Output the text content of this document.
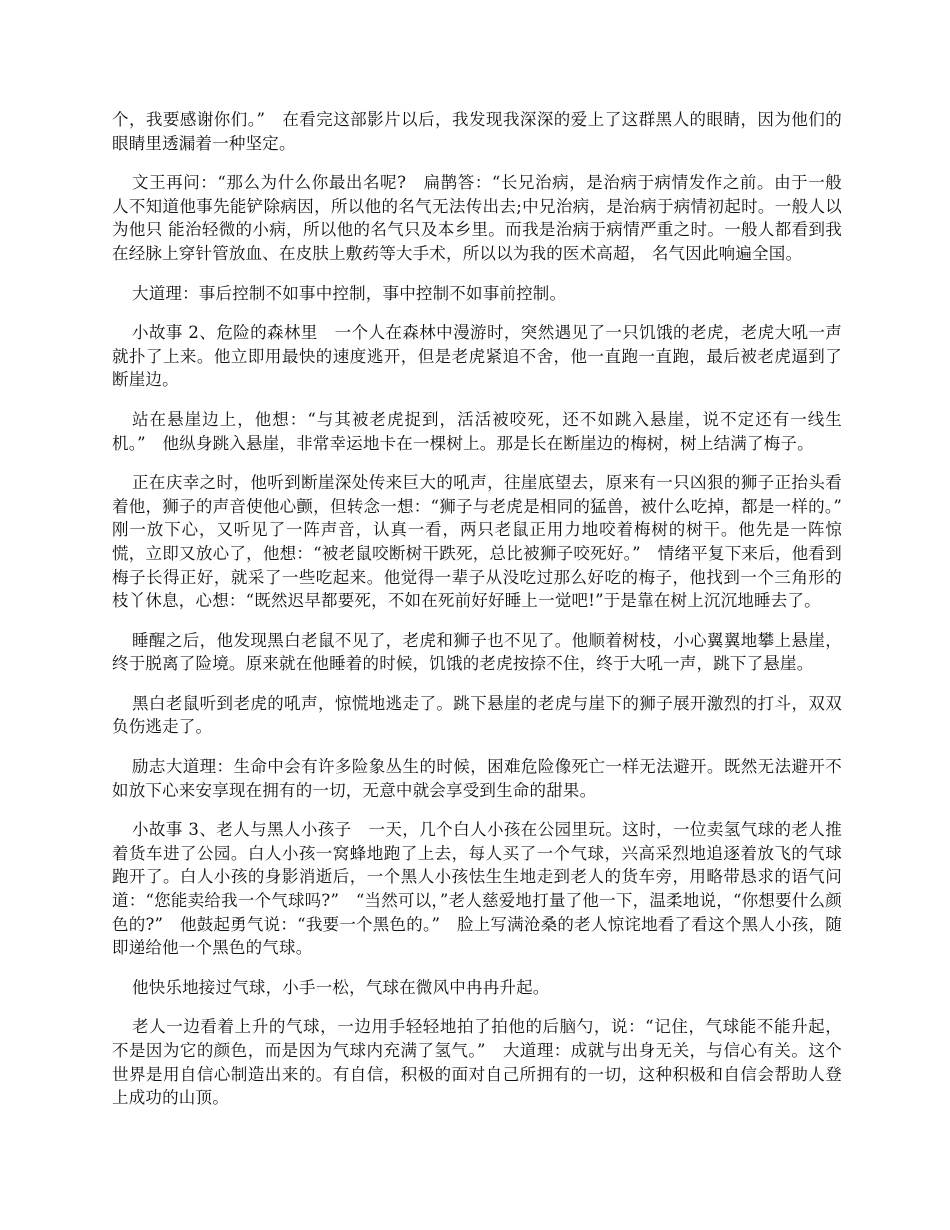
个，我要感谢你们。”　在看完这部影片以后，我发现我深深的爱上了这群黑人的眼睛，因为他们的眼睛里透漏着一种坚定。

文王再问：“那么为什么你最出名呢?　扁鹊答：“长兄治病，是治病于病情发作之前。由于一般人不知道他事先能铲除病因，所以他的名气无法传出去;中兄治病，是治病于病情初起时。一般人以为他只 能治轻微的小病，所以他的名气只及本乡里。而我是治病于病情严重之时。一般人都看到我在经脉上穿针管放血、在皮肤上敷药等大手术，所以以为我的医术高超， 名气因此响遍全国。

大道理：事后控制不如事中控制，事中控制不如事前控制。

小故事 2、危险的森林里　一个人在森林中漫游时，突然遇见了一只饥饿的老虎，老虎大吼一声就扑了上来。他立即用最快的速度逃开，但是老虎紧追不舍，他一直跑一直跑，最后被老虎逼到了断崖边。

站在悬崖边上，他想：“与其被老虎捉到，活活被咬死，还不如跳入悬崖，说不定还有一线生机。”　他纵身跳入悬崖，非常幸运地卡在一棵树上。那是长在断崖边的梅树，树上结满了梅子。

正在庆幸之时，他听到断崖深处传来巨大的吼声，往崖底望去，原来有一只凶狠的狮子正抬头看着他，狮子的声音使他心颤，但转念一想：“狮子与老虎是相同的猛兽，被什么吃掉，都是一样的。”　刚一放下心，又听见了一阵声音，认真一看，两只老鼠正用力地咬着梅树的树干。他先是一阵惊慌，立即又放心了，他想：“被老鼠咬断树干跌死，总比被狮子咬死好。”　情绪平复下来后，他看到梅子长得正好，就采了一些吃起来。他觉得一辈子从没吃过那么好吃的梅子，他找到一个三角形的枝丫休息，心想：“既然迟早都要死，不如在死前好好睡上一觉吧!”于是靠在树上沉沉地睡去了。

睡醒之后，他发现黑白老鼠不见了，老虎和狮子也不见了。他顺着树枝，小心翼翼地攀上悬崖，终于脱离了险境。原来就在他睡着的时候，饥饿的老虎按捺不住，终于大吼一声，跳下了悬崖。

黑白老鼠听到老虎的吼声，惊慌地逃走了。跳下悬崖的老虎与崖下的狮子展开激烈的打斗，双双负伤逃走了。

励志大道理：生命中会有许多险象丛生的时候，困难危险像死亡一样无法避开。既然无法避开不如放下心来安享现在拥有的一切，无意中就会享受到生命的甜果。

小故事 3、老人与黑人小孩子　一天，几个白人小孩在公园里玩。这时，一位卖氢气球的老人推着货车进了公园。白人小孩一窝蜂地跑了上去，每人买了一个气球，兴高采烈地追逐着放飞的气球跑开了。白人小孩的身影消逝后，一个黑人小孩怯生生地走到老人的货车旁，用略带恳求的语气问道：“您能卖给我一个气球吗?”　“当然可以，”老人慈爱地打量了他一下，温柔地说，“你想要什么颜色的?”　他鼓起勇气说：“我要一个黑色的。”　脸上写满沧桑的老人惊诧地看了看这个黑人小孩，随即递给他一个黑色的气球。

他快乐地接过气球，小手一松，气球在微风中冉冉升起。

老人一边看着上升的气球，一边用手轻轻地拍了拍他的后脑勺，说：“记住，气球能不能升起，不是因为它的颜色，而是因为气球内充满了氢气。”　大道理：成就与出身无关，与信心有关。这个世界是用自信心制造出来的。有自信，积极的面对自己所拥有的一切，这种积极和自信会帮助人登上成功的山顶。
